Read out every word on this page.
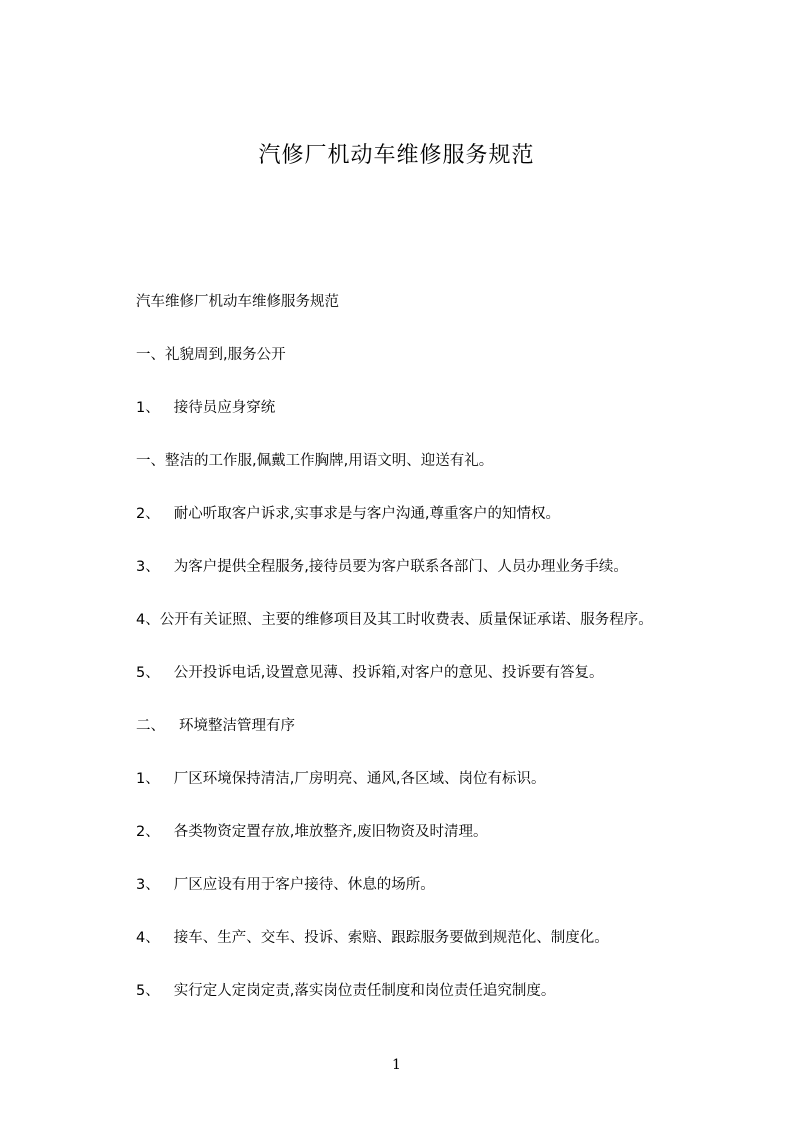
汽修厂机动车维修服务规范
汽车维修厂机动车维修服务规范
一、礼貌周到,服务公开
1、 接待员应身穿统
一、整洁的工作服,佩戴工作胸牌,用语文明、迎送有礼。
2、 耐心听取客户诉求,实事求是与客户沟通,尊重客户的知情权。
3、 为客户提供全程服务,接待员要为客户联系各部门、人员办理业务手续。
4、公开有关证照、主要的维修项目及其工时收费表、质量保证承诺、服务程序。
5、 公开投诉电话,设置意见薄、投诉箱,对客户的意见、投诉要有答复。
二、 环境整洁管理有序
1、 厂区环境保持清洁,厂房明亮、通风,各区域、岗位有标识。
2、 各类物资定置存放,堆放整齐,废旧物资及时清理。
3、 厂区应设有用于客户接待、休息的场所。
4、 接车、生产、交车、投诉、索赔、跟踪服务要做到规范化、制度化。
5、 实行定人定岗定责,落实岗位责任制度和岗位责任追究制度。
1
